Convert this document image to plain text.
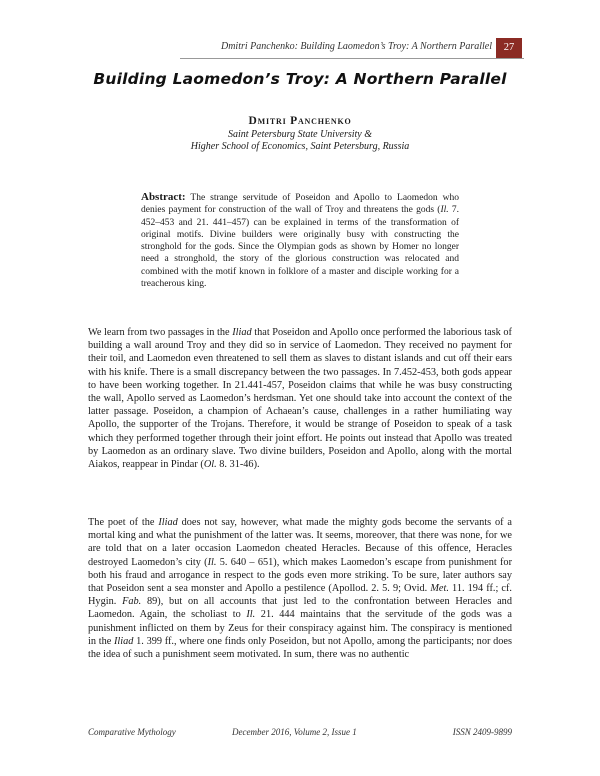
Dmitri Panchenko: Building Laomedon’s Troy: A Northern Parallel	27
Building Laomedon’s Troy: A Northern Parallel
Dmitri Panchenko
Saint Petersburg State University &
Higher School of Economics, Saint Petersburg, Russia
Abstract: The strange servitude of Poseidon and Apollo to Laomedon who denies payment for construction of the wall of Troy and threatens the gods (Il. 7. 452–453 and 21. 441–457) can be explained in terms of the transformation of original motifs. Divine builders were originally busy with constructing the stronghold for the gods. Since the Olympian gods as shown by Homer no longer need a stronghold, the story of the glorious construction was relocated and combined with the motif known in folklore of a master and disciple working for a treacherous king.

We learn from two passages in the Iliad that Poseidon and Apollo once performed the laborious task of building a wall around Troy and they did so in service of Laomedon. They received no payment for their toil, and Laomedon even threatened to sell them as slaves to distant islands and cut off their ears with his knife. There is a small discrepancy between the two passages. In 7.452-453, both gods appear to have been working together. In 21.441-457, Poseidon claims that while he was busy constructing the wall, Apollo served as Laomedon’s herdsman. Yet one should take into account the context of the latter passage. Poseidon, a champion of Achaean’s cause, challenges in a rather humiliating way Apollo, the supporter of the Trojans. Therefore, it would be strange of Poseidon to speak of a task which they performed together through their joint effort. He points out instead that Apollo was treated by Laomedon as an ordinary slave. Two divine builders, Poseidon and Apollo, along with the mortal Aiakos, reappear in Pindar (Ol. 8. 31-46).

The poet of the Iliad does not say, however, what made the mighty gods become the servants of a mortal king and what the punishment of the latter was. It seems, moreover, that there was none, for we are told that on a later occasion Laomedon cheated Heracles. Because of this offence, Heracles destroyed Laomedon’s city (Il. 5. 640 – 651), which makes Laomedon’s escape from punishment for both his fraud and arrogance in respect to the gods even more striking. To be sure, later authors say that Poseidon sent a sea monster and Apollo a pestilence (Apollod. 2. 5. 9; Ovid. Met. 11. 194 ff.; cf. Hygin. Fab. 89), but on all accounts that just led to the confrontation between Heracles and Laomedon. Again, the scholiast to Il. 21. 444 maintains that the servitude of the gods was a punishment inflicted on them by Zeus for their conspiracy against him. The conspiracy is mentioned in the Iliad 1. 399 ff., where one finds only Poseidon, but not Apollo, among the participants; nor does the idea of such a punishment seem motivated. In sum, there was no authentic

Comparative Mythology	December 2016, Volume 2, Issue 1	ISSN 2409-9899
